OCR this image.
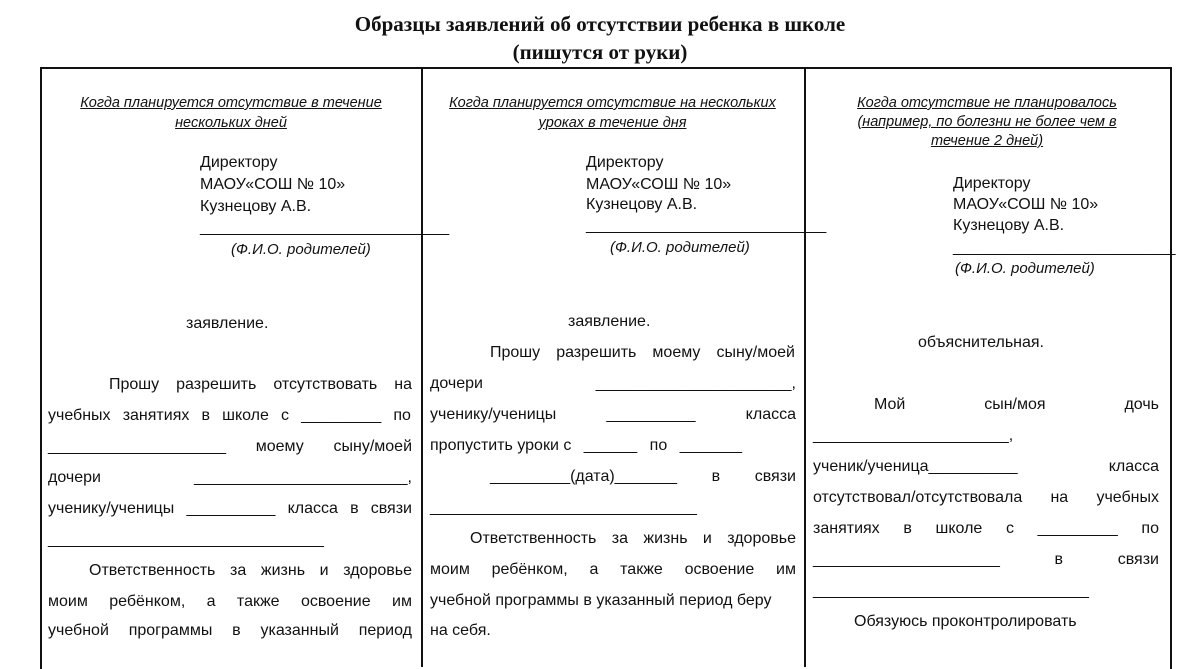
Образцы заявлений об отсутствии ребенка в школе
(пишутся от руки)
Когда планируется отсутствие в течение нескольких дней
Директору
МАОУ«СОШ № 10»
Кузнецову А.В.
____________________________
(Ф.И.О. родителей)
заявление.
Прошу разрешить отсутствовать на
учебных занятиях в школе с _________ по
____________________ моему сыну/моей
дочери	________________________,
ученику/ученицы __________ класса в связи
_______________________________
Ответственность за жизнь и здоровье
моим ребёнком, а также освоение им
учебной программы в указанный период
Когда планируется отсутствие на нескольких уроках в течение дня
Директору
МАОУ«СОШ № 10»
Кузнецову А.В.
___________________________
(Ф.И.О. родителей)
заявление.
Прошу разрешить моему сыну/моей
дочери	______________________,
ученику/ученицы	__________	класса
пропустить уроки с ______ по _______
_________(дата)_______ в связи
______________________________
Ответственность за жизнь и здоровье
моим ребёнком, а также освоение им
учебной программы в указанный период беру
на себя.
Когда отсутствие не планировалось
(например, по болезни не более чем в
течение 2 дней)
Директору
МАОУ«СОШ № 10»
Кузнецову А.В.
_________________________
(Ф.И.О. родителей)
объяснительная.
Мой	сын/моя	дочь
______________________,
ученик/ученица__________	класса
отсутствовал/отсутствовала на учебных
занятиях в школе с _________ по
_____________________	в	связи
_______________________________
Обязуюсь проконтролировать
